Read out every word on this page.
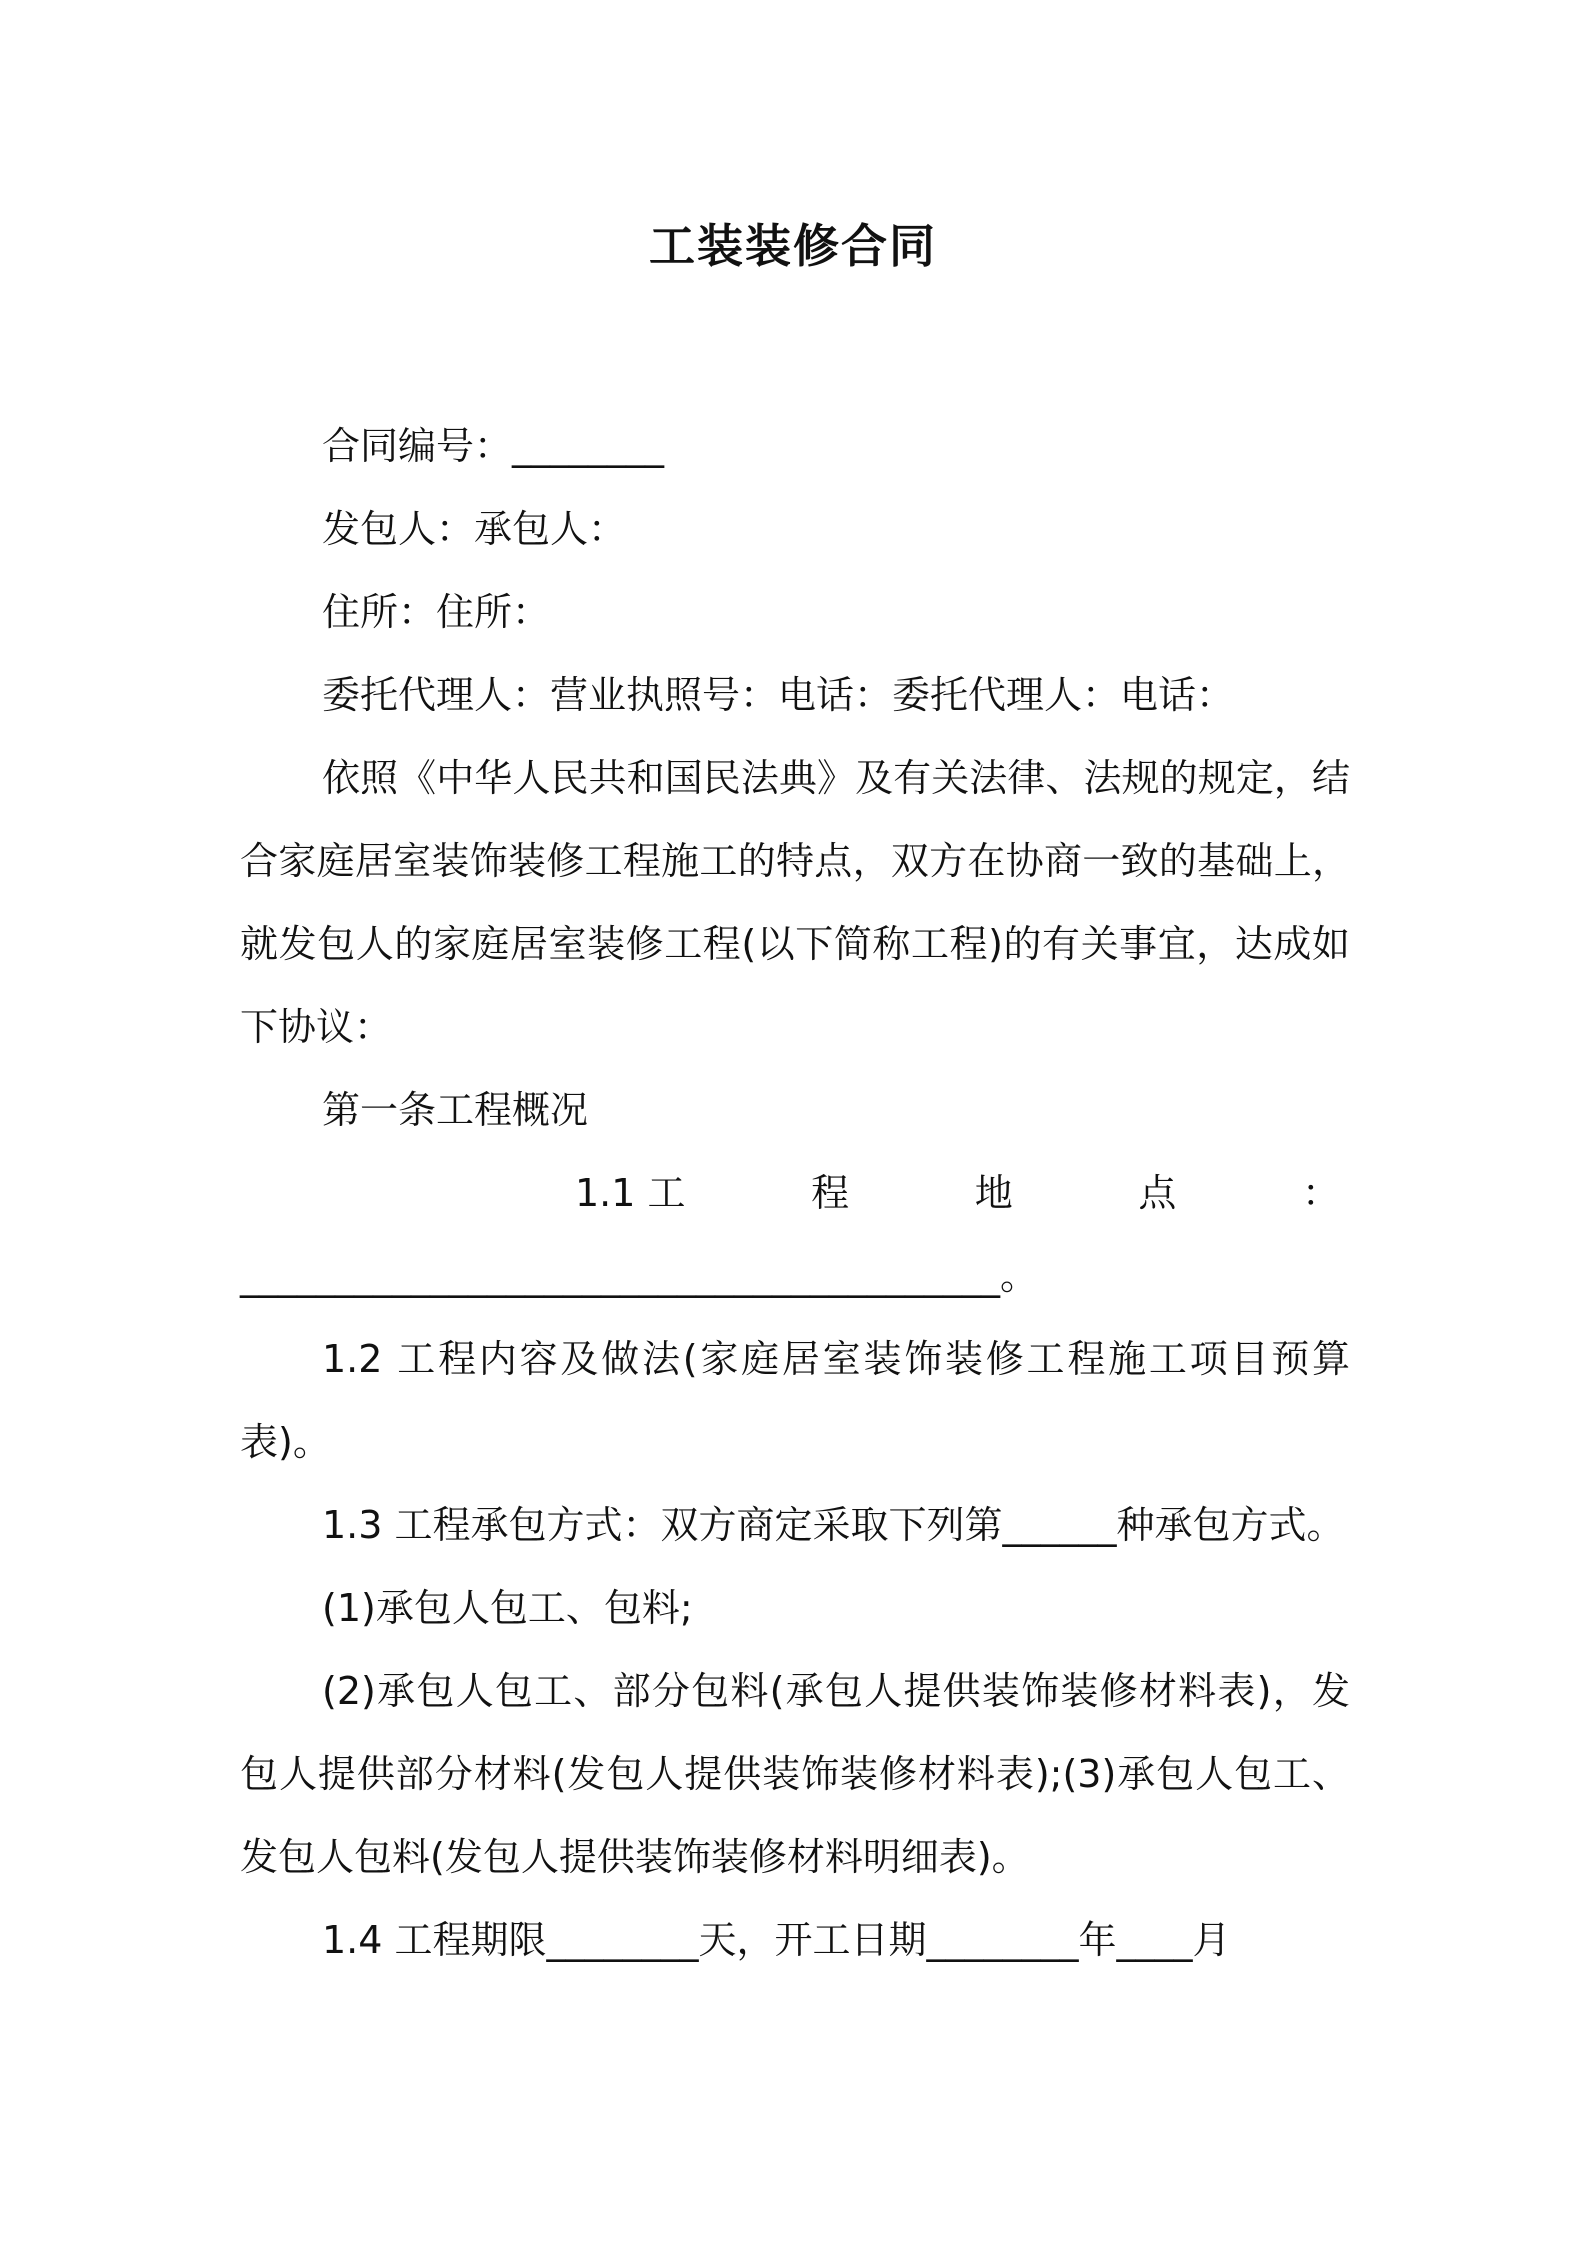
工装装修合同

合同编号：________

发包人：承包人：

住所：住所：

委托代理人：营业执照号：电话：委托代理人：电话：

依照《中华人民共和国民法典》及有关法律、法规的规定，结合家庭居室装饰装修工程施工的特点，双方在协商一致的基础上，就发包人的家庭居室装修工程(以下简称工程)的有关事宜，达成如下协议：

第一条工程概况

1.1 工	程	地	点	：

________________________________________。

1.2 工程内容及做法(家庭居室装饰装修工程施工项目预算表)。

1.3 工程承包方式：双方商定采取下列第______种承包方式。

(1)承包人包工、包料;

(2)承包人包工、部分包料(承包人提供装饰装修材料表)，发包人提供部分材料(发包人提供装饰装修材料表);(3)承包人包工、发包人包料(发包人提供装饰装修材料明细表)。

1.4 工程期限________天，开工日期________年____月
